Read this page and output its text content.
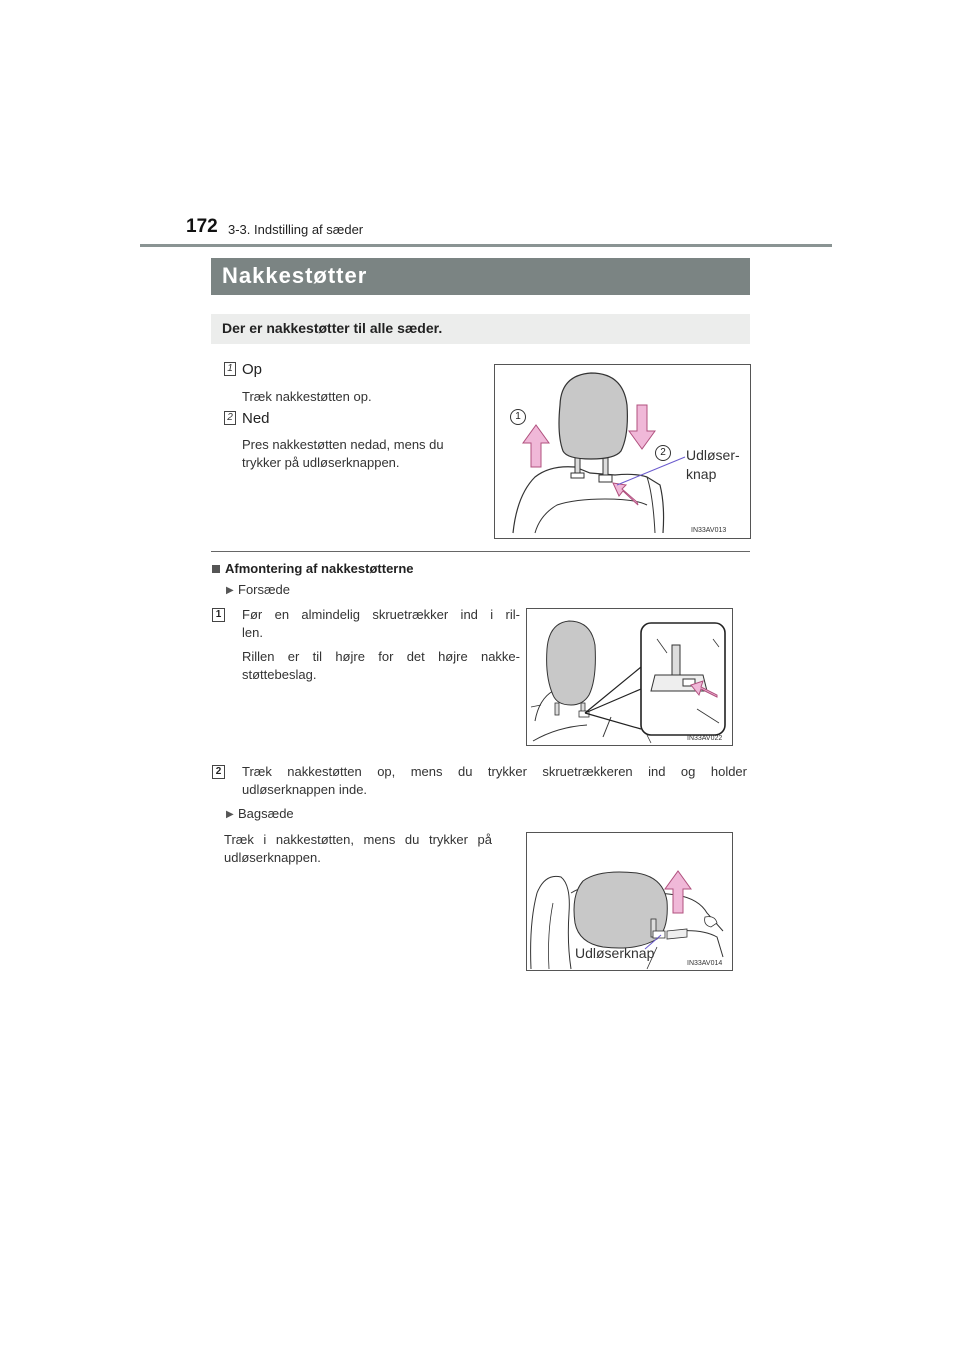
172 3-3. Indstilling af sæder
Nakkestøtter
Der er nakkestøtter til alle sæder.
1 Op
Træk nakkestøtten op.
2 Ned
Pres nakkestøtten nedad, mens du
trykker på udløserknappen.
1
2	Udløser-
knap
IN33AV013
Afmontering af nakkestøtterne
▶ Forsæde
1 Før en almindelig skruetrækker ind i ril-
len.
Rillen er til højre for det højre nakke-
støttebeslag.
IN33AV022
2 Træk nakkestøtten op, mens du trykker skruetrækkeren ind og holder
udløserknappen inde.
▶ Bagsæde
Træk i nakkestøtten, mens du trykker på
udløserknappen.
Udløserknap
IN33AV014
